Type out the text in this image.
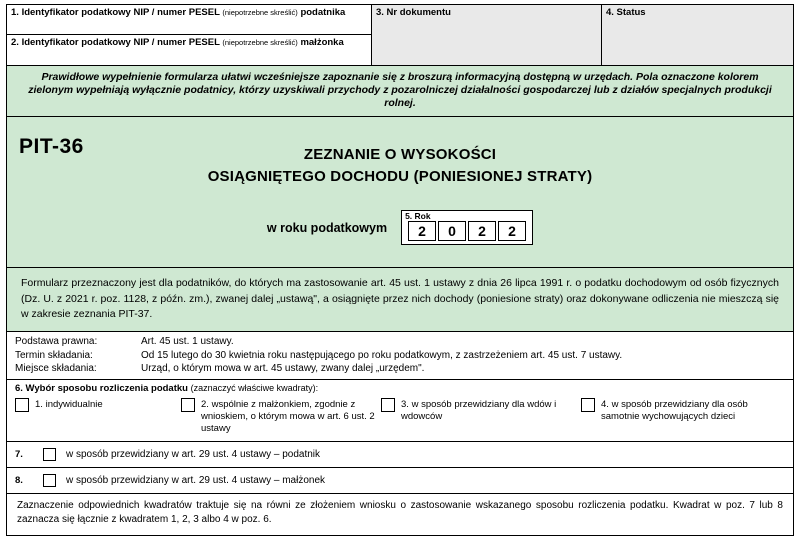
1. Identyfikator podatkowy NIP / numer PESEL (niepotrzebne skreślić) podatnika
2. Identyfikator podatkowy NIP / numer PESEL (niepotrzebne skreślić) małżonka
3. Nr dokumentu	4. Status
Prawidłowe wypełnienie formularza ułatwi wcześniejsze zapoznanie się z broszurą informacyjną dostępną w urzędach. Pola oznaczone kolorem zielonym wypełniają wyłącznie podatnicy, którzy uzyskiwali przychody z pozarolniczej działalności gospodarczej lub z działów specjalnych produkcji rolnej.
PIT-36	ZEZNANIE O WYSOKOŚCI
OSIĄGNIĘTEGO DOCHODU (PONIESIONEJ STRATY)
w roku podatkowym
5. Rok
2	0	2	2
Formularz przeznaczony jest dla podatników, do których ma zastosowanie art. 45 ust. 1 ustawy z dnia 26 lipca 1991 r. o podatku dochodowym od osób fizycznych (Dz. U. z 2021 r. poz. 1128, z późn. zm.), zwanej dalej „ustawą", a osiągnięte przez nich dochody (poniesione straty) oraz dokonywane odliczenia nie mieszczą się w zakresie zeznania PIT-37.
Podstawa prawna:	Art. 45 ust. 1 ustawy.
Termin składania:	Od 15 lutego do 30 kwietnia roku następującego po roku podatkowym, z zastrzeżeniem art. 45 ust. 7 ustawy.
Miejsce składania:	Urząd, o którym mowa w art. 45 ustawy, zwany dalej „urzędem".
6. Wybór sposobu rozliczenia podatku (zaznaczyć właściwe kwadraty):
1. indywidualnie	2. wspólnie z małżonkiem, zgodnie z wnioskiem, o którym mowa w art. 6 ust. 2 ustawy
3. w sposób przewidziany dla wdów i wdowców
4. w sposób przewidziany dla osób samotnie wychowujących dzieci
7.	w sposób przewidziany w art. 29 ust. 4 ustawy – podatnik
8.	w sposób przewidziany w art. 29 ust. 4 ustawy – małżonek
Zaznaczenie odpowiednich kwadratów traktuje się na równi ze złożeniem wniosku o zastosowanie wskazanego sposobu rozliczenia podatku. Kwadrat w poz. 7 lub 8 zaznacza się łącznie z kwadratem 1, 2, 3 albo 4 w poz. 6.
